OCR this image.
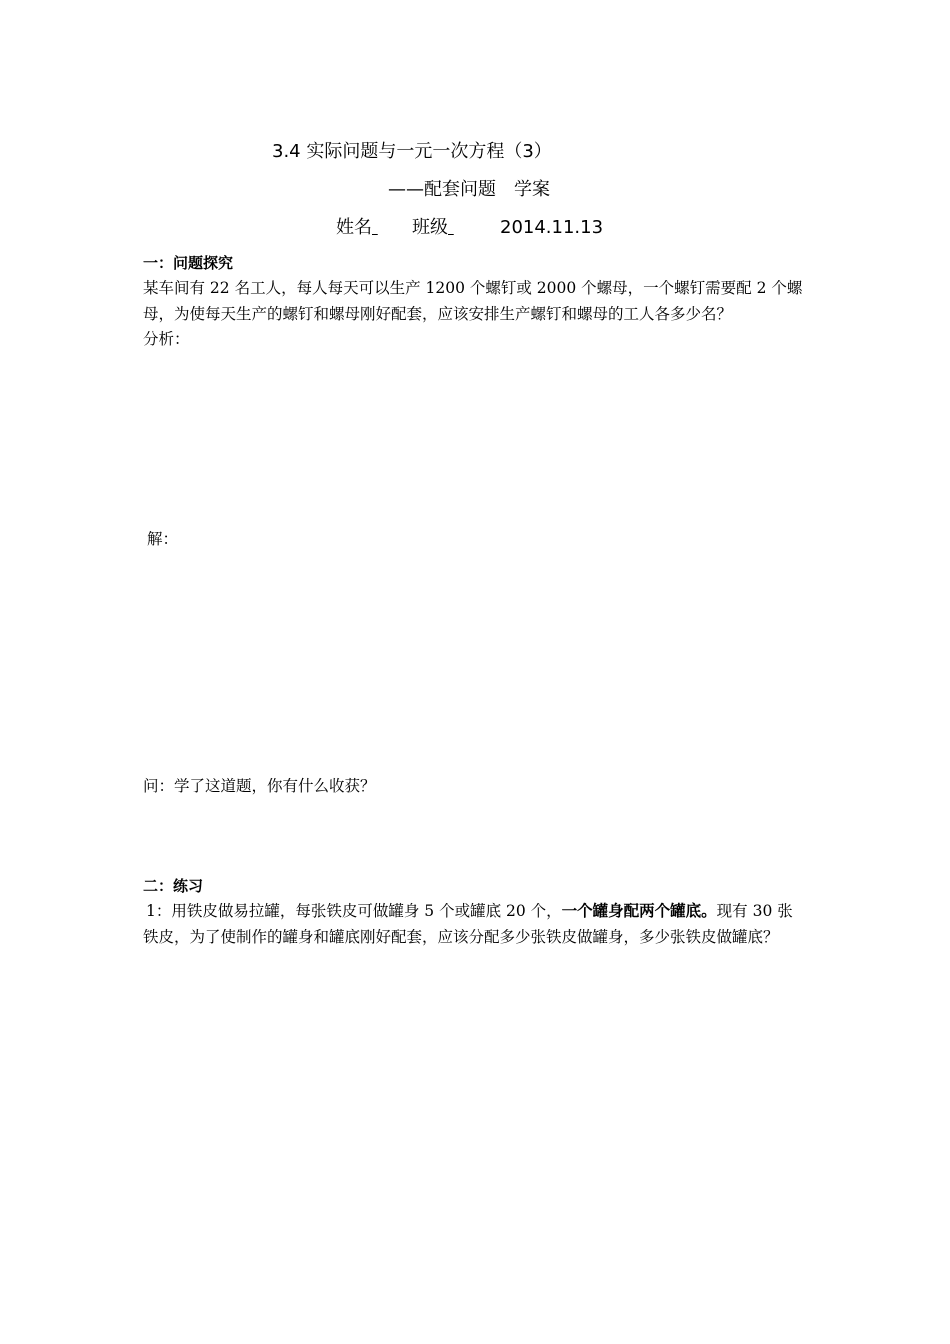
3.4 实际问题与一元一次方程（3）
——配套问题　学案
姓名 班级	2014.11.13
一：问题探究
某车间有 22 名工人，每人每天可以生产 1200 个螺钉或 2000 个螺母，一个螺钉需要配 2 个螺
母，为使每天生产的螺钉和螺母刚好配套，应该安排生产螺钉和螺母的工人各多少名？
分析：
解：
问：学了这道题，你有什么收获？
二：练习
1：用铁皮做易拉罐，每张铁皮可做罐身 5 个或罐底 20 个，一个罐身配两个罐底。现有 30 张
铁皮，为了使制作的罐身和罐底刚好配套，应该分配多少张铁皮做罐身，多少张铁皮做罐底？
